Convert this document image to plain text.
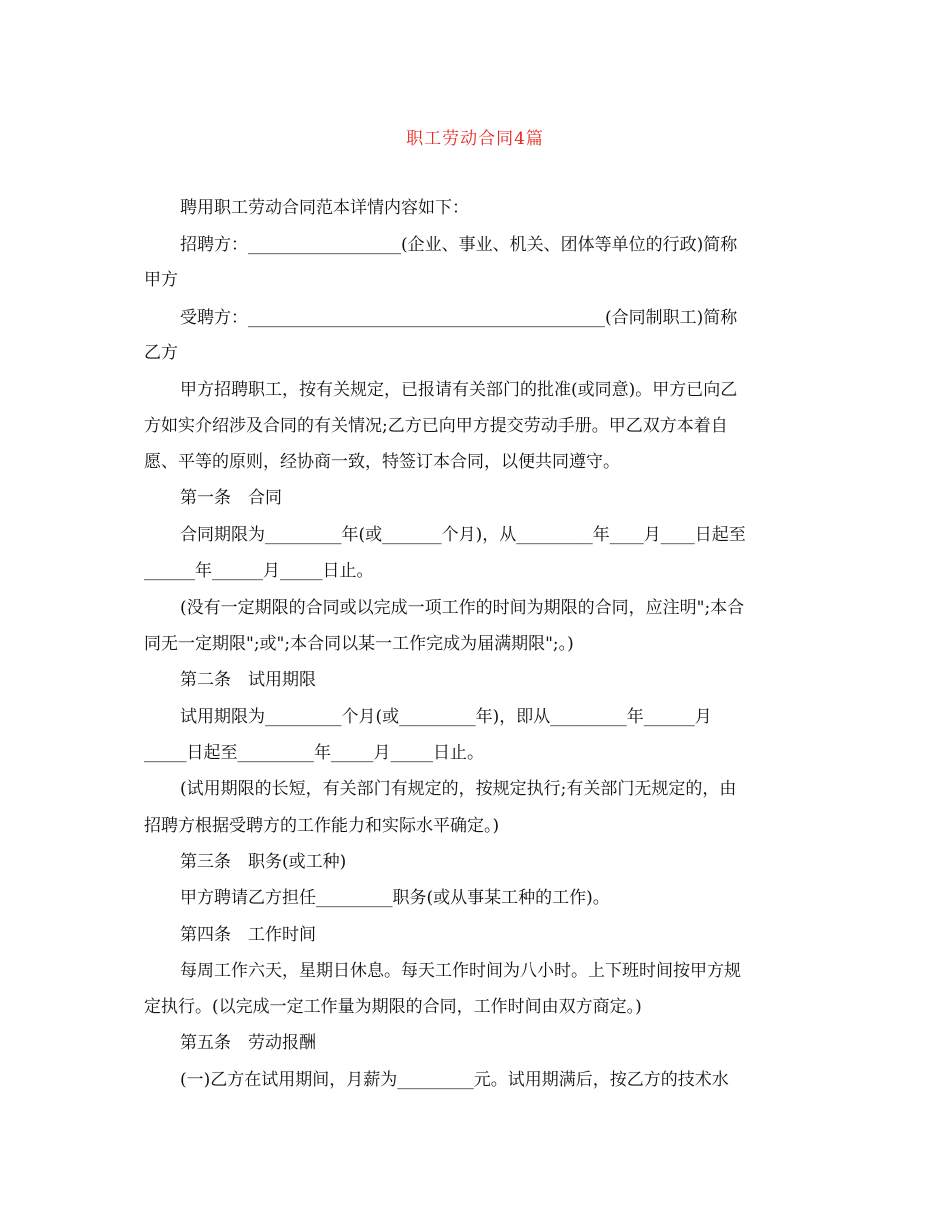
职工劳动合同4篇
聘用职工劳动合同范本详情内容如下：
招聘方：__________________(企业、事业、机关、团体等单位的行政)简称
甲方
受聘方：__________________________________________(合同制职工)简称
乙方
甲方招聘职工，按有关规定，已报请有关部门的批准(或同意)。甲方已向乙
方如实介绍涉及合同的有关情况;乙方已向甲方提交劳动手册。甲乙双方本着自
愿、平等的原则，经协商一致，特签订本合同，以便共同遵守。
第一条　合同
合同期限为_________年(或_______个月)，从_________年____月____日起至
______年______月_____日止。
(没有一定期限的合同或以完成一项工作的时间为期限的合同，应注明";本合
同无一定期限";或";本合同以某一工作完成为届满期限";。)
第二条　试用期限
试用期限为_________个月(或_________年)，即从_________年______月
_____日起至_________年_____月_____日止。
(试用期限的长短，有关部门有规定的，按规定执行;有关部门无规定的，由
招聘方根据受聘方的工作能力和实际水平确定。)
第三条　职务(或工种)
甲方聘请乙方担任_________职务(或从事某工种的工作)。
第四条　工作时间
每周工作六天，星期日休息。每天工作时间为八小时。上下班时间按甲方规
定执行。(以完成一定工作量为期限的合同，工作时间由双方商定。)
第五条　劳动报酬
(一)乙方在试用期间，月薪为_________元。试用期满后，按乙方的技术水
